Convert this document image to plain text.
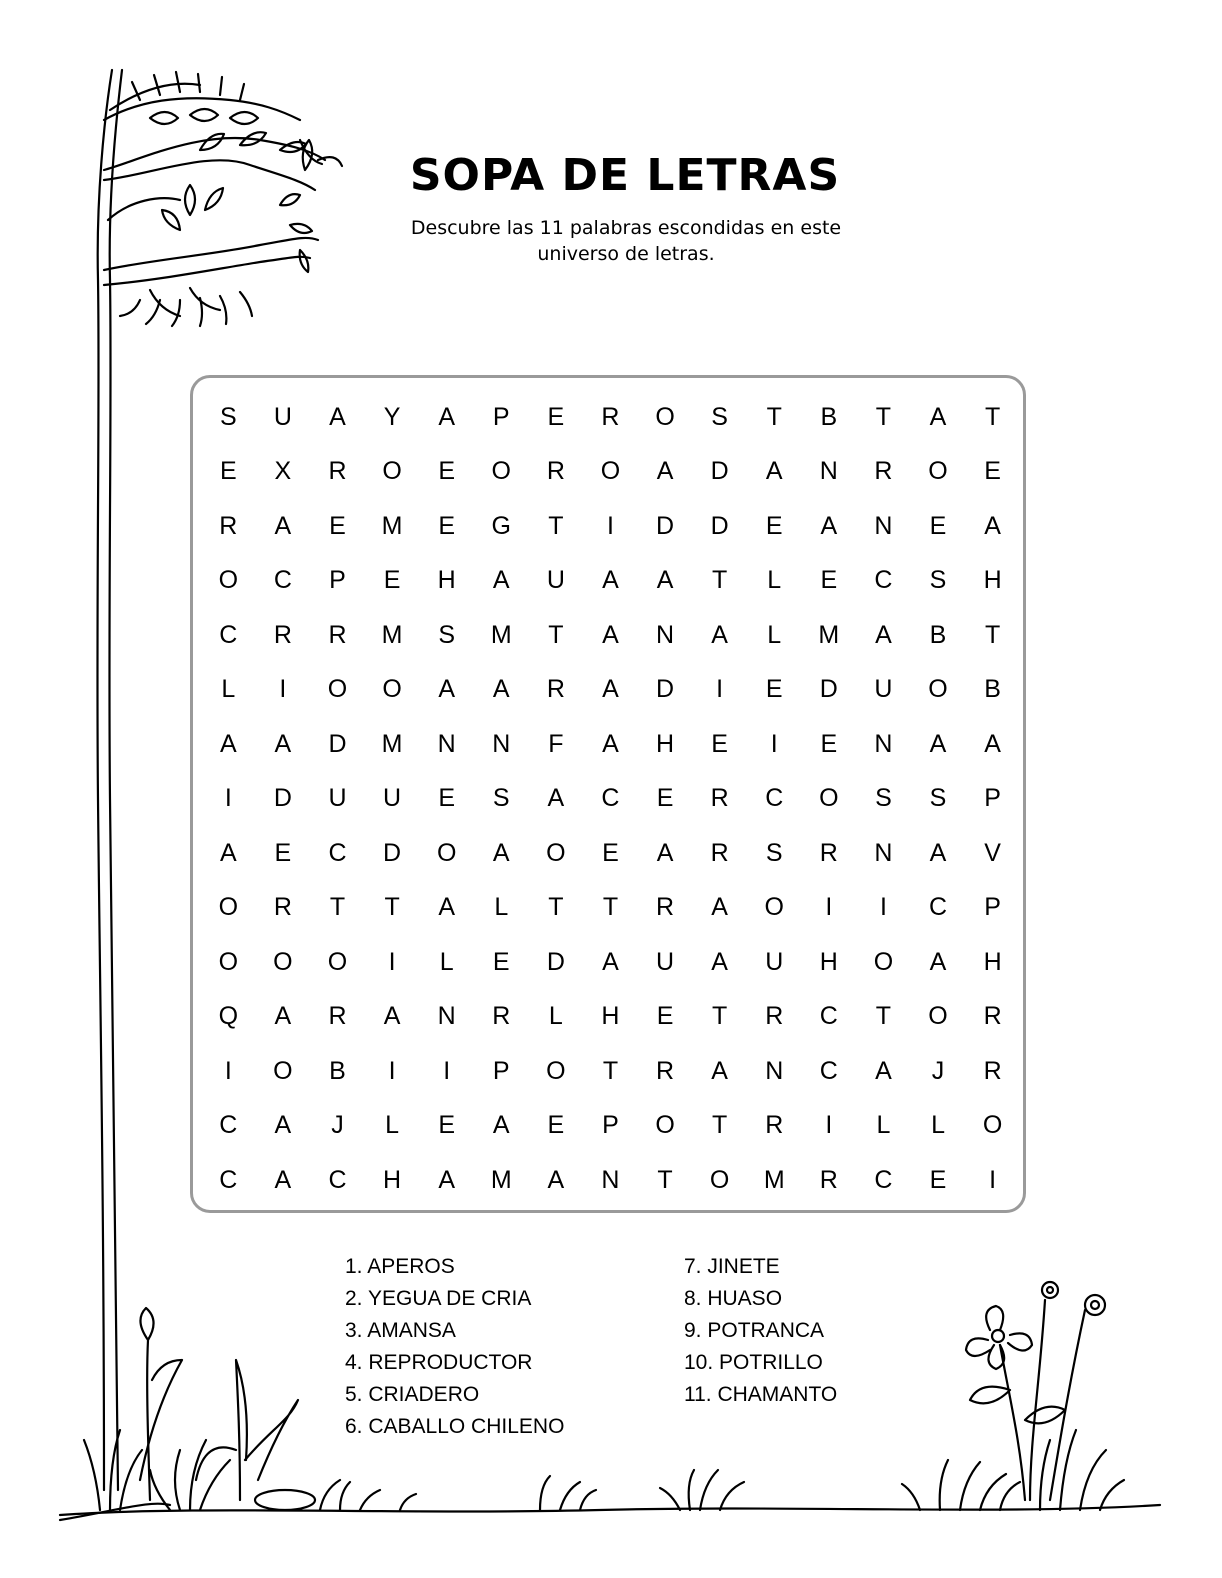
SOPA DE LETRAS
Descubre las 11 palabras escondidas en este
universo de letras.
S	U	A	Y	A	P	E	R	O	S	T	B	T	A	T
E	X	R	O	E	O	R	O	A	D	A	N	R	O	E
R	A	E	M	E	G	T	I	D	D	E	A	N	E	A
O	C	P	E	H	A	U	A	A	T	L	E	C	S	H
C	R	R	M	S	M	T	A	N	A	L	M	A	B	T
L	I	O	O	A	A	R	A	D	I	E	D	U	O	B
A	A	D	M	N	N	F	A	H	E	I	E	N	A	A
I	D	U	U	E	S	A	C	E	R	C	O	S	S	P
A	E	C	D	O	A	O	E	A	R	S	R	N	A	V
O	R	T	T	A	L	T	T	R	A	O	I	I	C	P
O	O	O	I	L	E	D	A	U	A	U	H	O	A	H
Q	A	R	A	N	R	L	H	E	T	R	C	T	O	R
I	O	B	I	I	P	O	T	R	A	N	C	A	J	R
C	A	J	L	E	A	E	P	O	T	R	I	L	L	O
C	A	C	H	A	M	A	N	T	O	M	R	C	E	I
1. APEROS
2. YEGUA DE CRIA
3. AMANSA
4. REPRODUCTOR
5. CRIADERO
6. CABALLO CHILENO
7. JINETE
8. HUASO
9. POTRANCA
10. POTRILLO
11. CHAMANTO
